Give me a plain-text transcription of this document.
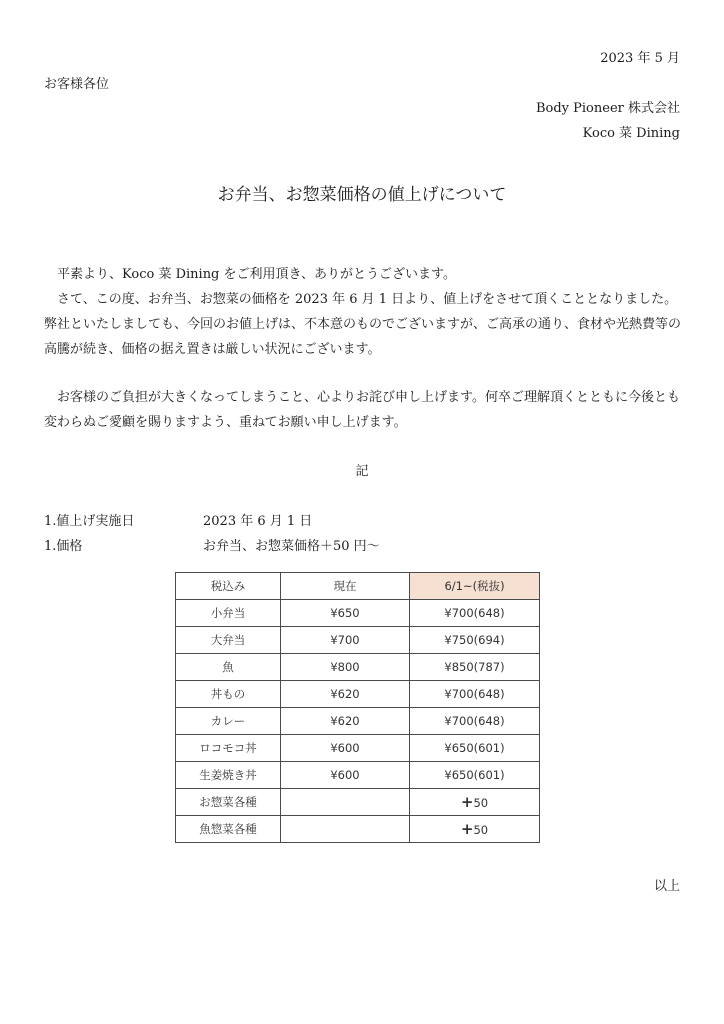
2023 年 5 月
お客様各位
Body Pioneer 株式会社
Koco 菜 Dining
お弁当、お惣菜価格の値上げについて
　平素より、Koco 菜 Dining をご利用頂き、ありがとうございます。
　さて、この度、お弁当、お惣菜の価格を 2023 年 6 月 1 日より、値上げをさせて頂くこととなりました。弊社といたしましても、今回のお値上げは、不本意のものでございますが、ご高承の通り、食材や光熱費等の高騰が続き、価格の据え置きは厳しい状況にございます。
　お客様のご負担が大きくなってしまうこと、心よりお詫び申し上げます。何卒ご理解頂くとともに今後とも変わらぬご愛顧を賜りますよう、重ねてお願い申し上げます。
記
1.値上げ実施日	2023 年 6 月 1 日
1.価格	お弁当、お惣菜価格＋50 円〜
税込み	現在	6/1~(税抜)
小弁当	¥650	¥700(648)
大弁当	¥700	¥750(694)
魚	¥800	¥850(787)
丼もの	¥620	¥700(648)
カレー	¥620	¥700(648)
ロコモコ丼	¥600	¥650(601)
生姜焼き丼	¥600	¥650(601)
お惣菜各種		+50
魚惣菜各種		+50
以上
